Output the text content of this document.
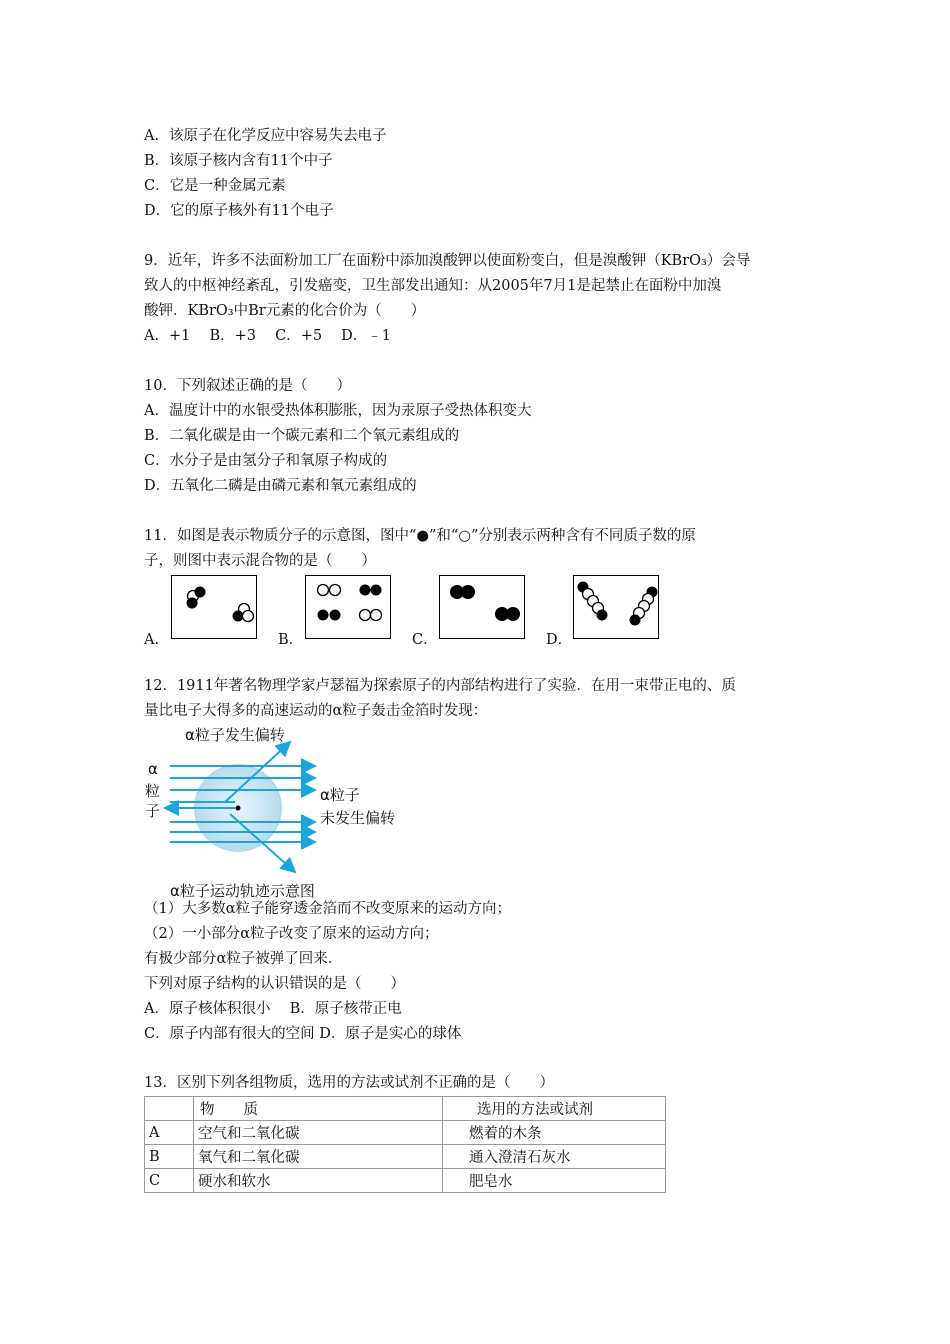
A．该原子在化学反应中容易失去电子
B．该原子核内含有11个中子
C．它是一种金属元素
D．它的原子核外有11个电子
9．近年，许多不法面粉加工厂在面粉中添加溴酸钾以使面粉变白，但是溴酸钾（KBrO₃）会导
致人的中枢神经紊乱，引发癌变，卫生部发出通知：从2005年7月1是起禁止在面粉中加溴
酸钾．KBrO₃中Br元素的化合价为（　　）
A．+1　 B．+3　 C．+5　 D．﹣1
10．下列叙述正确的是（　　）
A．温度计中的水银受热体积膨胀，因为汞原子受热体积变大
B．二氧化碳是由一个碳元素和二个氧元素组成的
C．水分子是由氢分子和氧原子构成的
D．五氧化二磷是由磷元素和氧元素组成的
11．如图是表示物质分子的示意图，图中“●”和“○”分别表示两种含有不同质子数的原
子，则图中表示混合物的是（　　）
A．	B．	C．	D．
12．1911年著名物理学家卢瑟福为探索原子的内部结构进行了实验．在用一束带正电的、质
量比电子大得多的高速运动的α粒子轰击金箔时发现：
α粒子发生偏转
α
粒
子
α粒子
未发生偏转
α粒子运动轨迹示意图
（1）大多数α粒子能穿透金箔而不改变原来的运动方向；
（2）一小部分α粒子改变了原来的运动方向；
有极少部分α粒子被弹了回来．
下列对原子结构的认识错误的是（　　）
A．原子核体积很小　 B．原子核带正电
C．原子内部有很大的空间 D．原子是实心的球体
13．区别下列各组物质，选用的方法或试剂不正确的是（　　）
	物　　质	选用的方法或试剂
A	空气和二氧化碳	燃着的木条
B	氧气和二氧化碳	通入澄清石灰水
C	硬水和软水	肥皂水
